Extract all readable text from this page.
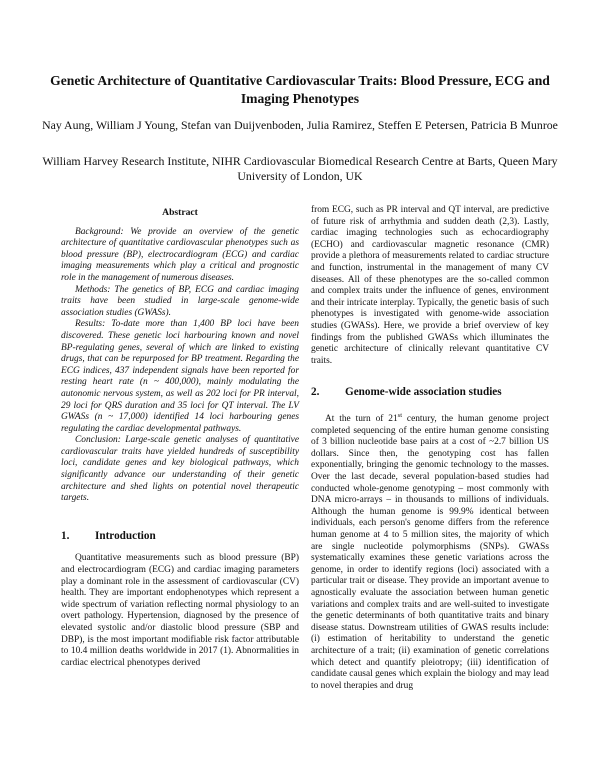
Genetic Architecture of Quantitative Cardiovascular Traits: Blood Pressure, ECG and Imaging Phenotypes
Nay Aung, William J Young, Stefan van Duijvenboden, Julia Ramirez, Steffen E Petersen, Patricia B Munroe
William Harvey Research Institute, NIHR Cardiovascular Biomedical Research Centre at Barts, Queen Mary University of London, UK
Abstract

Background: We provide an overview of the genetic architecture of quantitative cardiovascular phenotypes such as blood pressure (BP), electrocardiogram (ECG) and cardiac imaging measurements which play a critical and prognostic role in the management of numerous diseases.

Methods: The genetics of BP, ECG and cardiac imaging traits have been studied in large-scale genome-wide association studies (GWASs).

Results: To-date more than 1,400 BP loci have been discovered. These genetic loci harbouring known and novel BP-regulating genes, several of which are linked to existing drugs, that can be repurposed for BP treatment. Regarding the ECG indices, 437 independent signals have been reported for resting heart rate (n ~ 400,000), mainly modulating the autonomic nervous system, as well as 202 loci for PR interval, 29 loci for QRS duration and 35 loci for QT interval. The LV GWASs (n ~ 17,000) identified 14 loci harbouring genes regulating the cardiac developmental pathways.

Conclusion: Large-scale genetic analyses of quantitative cardiovascular traits have yielded hundreds of susceptibility loci, candidate genes and key biological pathways, which significantly advance our understanding of their genetic architecture and shed lights on potential novel therapeutic targets.

1.	Introduction

Quantitative measurements such as blood pressure (BP) and electrocardiogram (ECG) and cardiac imaging parameters play a dominant role in the assessment of cardiovascular (CV) health. They are important endophenotypes which represent a wide spectrum of variation reflecting normal physiology to an overt pathology. Hypertension, diagnosed by the presence of elevated systolic and/or diastolic blood pressure (SBP and DBP), is the most important modifiable risk factor attributable to 10.4 million deaths worldwide in 2017 (1). Abnormalities in cardiac electrical phenotypes derived

from ECG, such as PR interval and QT interval, are predictive of future risk of arrhythmia and sudden death (2,3). Lastly, cardiac imaging technologies such as echocardiography (ECHO) and cardiovascular magnetic resonance (CMR) provide a plethora of measurements related to cardiac structure and function, instrumental in the management of many CV diseases. All of these phenotypes are the so-called common and complex traits under the influence of genes, environment and their intricate interplay. Typically, the genetic basis of such phenotypes is investigated with genome-wide association studies (GWASs). Here, we provide a brief overview of key findings from the published GWASs which illuminates the genetic architecture of clinically relevant quantitative CV traits.

2.	Genome-wide association studies

At the turn of 21st century, the human genome project completed sequencing of the entire human genome consisting of 3 billion nucleotide base pairs at a cost of ~2.7 billion US dollars. Since then, the genotyping cost has fallen exponentially, bringing the genomic technology to the masses. Over the last decade, several population-based studies had conducted whole-genome genotyping – most commonly with DNA micro-arrays – in thousands to millions of individuals. Although the human genome is 99.9% identical between individuals, each person's genome differs from the reference human genome at 4 to 5 million sites, the majority of which are single nucleotide polymorphisms (SNPs). GWASs systematically examines these genetic variations across the genome, in order to identify regions (loci) associated with a particular trait or disease. They provide an important avenue to agnostically evaluate the association between human genetic variations and complex traits and are well-suited to investigate the genetic determinants of both quantitative traits and binary disease status. Downstream utilities of GWAS results include: (i) estimation of heritability to understand the genetic architecture of a trait; (ii) examination of genetic correlations which detect and quantify pleiotropy; (iii) identification of candidate causal genes which explain the biology and may lead to novel therapies and drug
